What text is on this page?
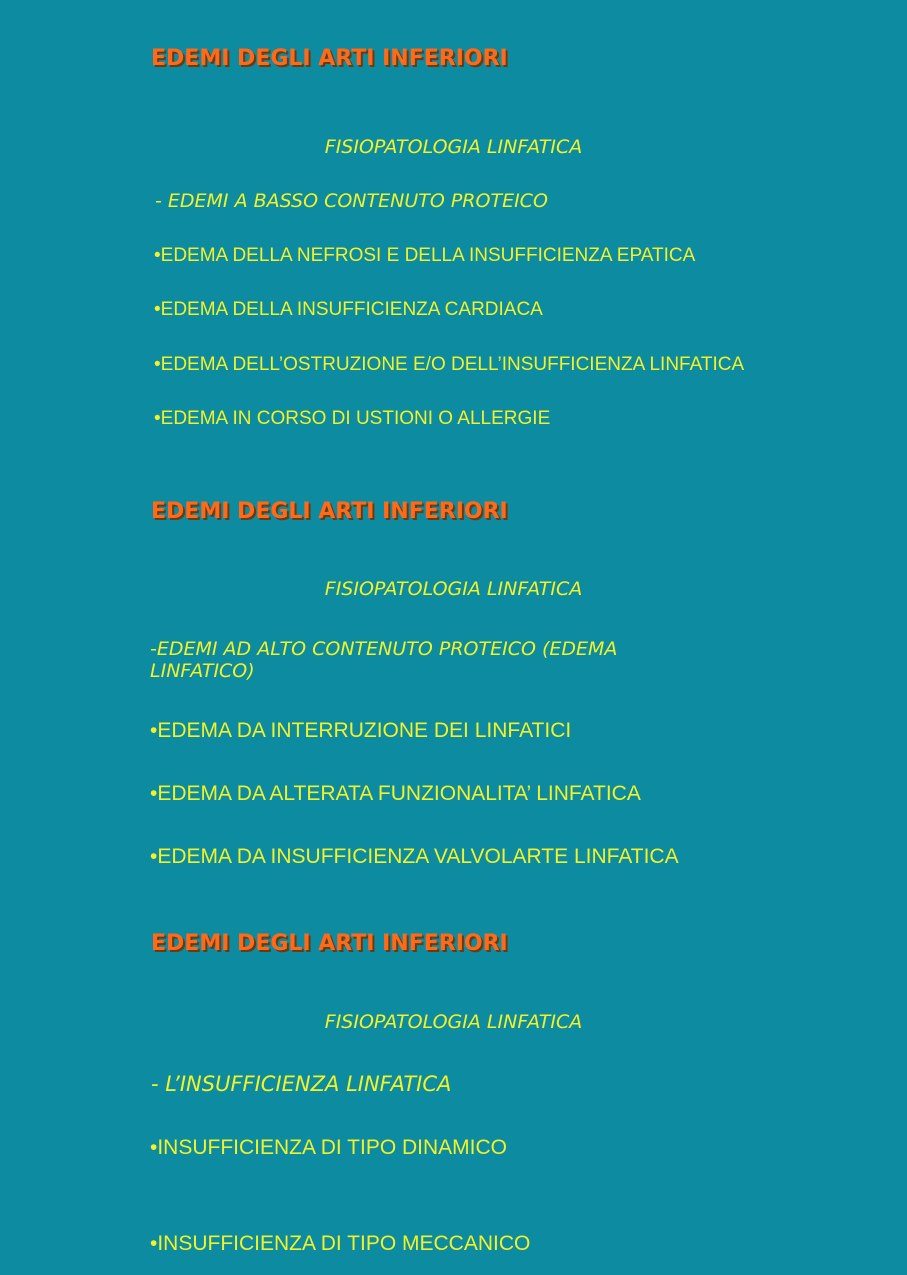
EDEMI DEGLI ARTI INFERIORI
FISIOPATOLOGIA LINFATICA
- EDEMI A BASSO CONTENUTO PROTEICO
•EDEMA DELLA NEFROSI E DELLA INSUFFICIENZA EPATICA
•EDEMA DELLA INSUFFICIENZA CARDIACA
•EDEMA DELL’OSTRUZIONE E/O DELL’INSUFFICIENZA LINFATICA
•EDEMA IN CORSO DI USTIONI O ALLERGIE
EDEMI DEGLI ARTI INFERIORI
FISIOPATOLOGIA LINFATICA
-EDEMI AD ALTO CONTENUTO PROTEICO (EDEMA LINFATICO)
•EDEMA DA INTERRUZIONE DEI LINFATICI
•EDEMA DA ALTERATA FUNZIONALITA’ LINFATICA
•EDEMA DA INSUFFICIENZA VALVOLARTE LINFATICA
EDEMI DEGLI ARTI INFERIORI
FISIOPATOLOGIA LINFATICA
- L’INSUFFICIENZA LINFATICA
•INSUFFICIENZA DI TIPO DINAMICO
•INSUFFICIENZA DI TIPO MECCANICO
